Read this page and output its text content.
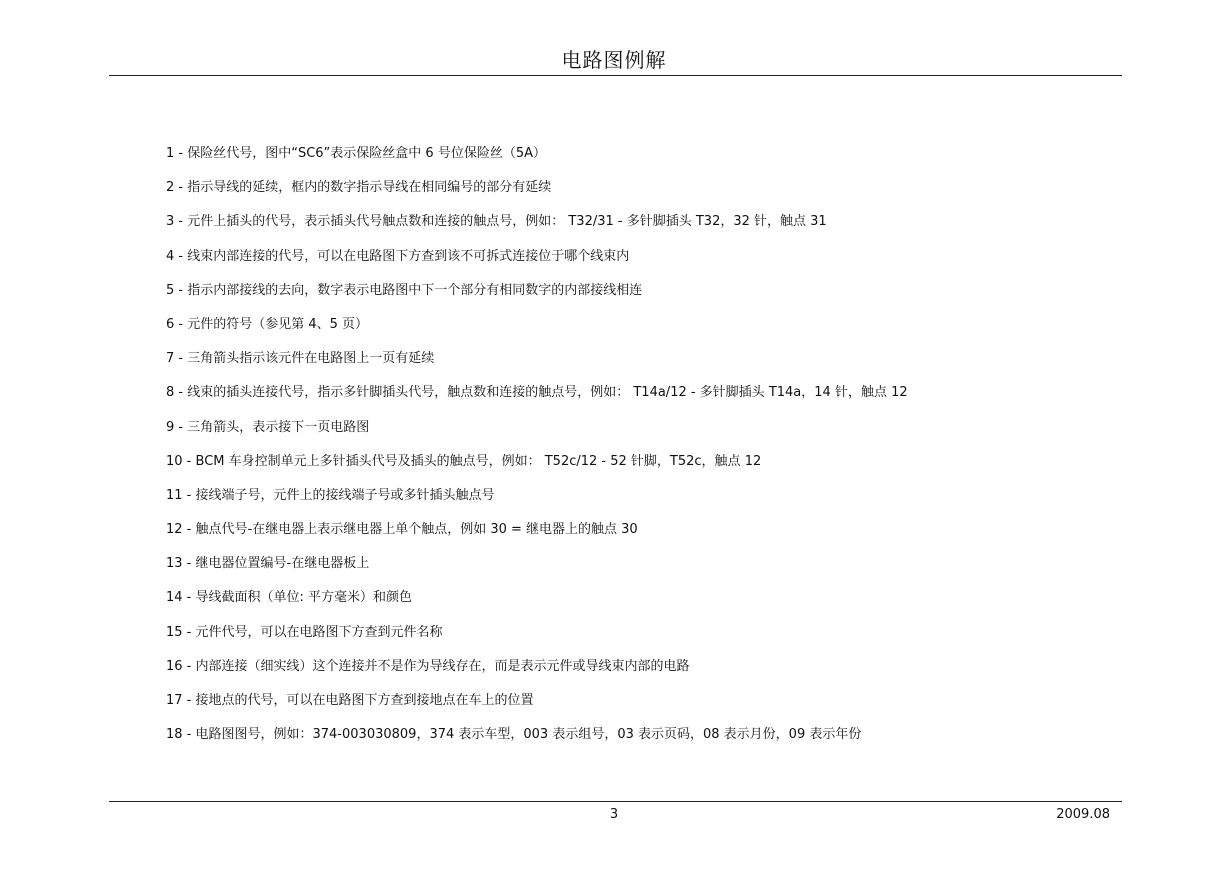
电路图例解
1 - 保险丝代号，图中“SC6”表示保险丝盒中 6 号位保险丝（5A）
2 - 指示导线的延续，框内的数字指示导线在相同编号的部分有延续
3 - 元件上插头的代号，表示插头代号触点数和连接的触点号，例如： T32/31 - 多针脚插头 T32，32 针，触点 31
4 - 线束内部连接的代号，可以在电路图下方查到该不可拆式连接位于哪个线束内
5 - 指示内部接线的去向，数字表示电路图中下一个部分有相同数字的内部接线相连
6 - 元件的符号（参见第 4、5 页）
7 - 三角箭头指示该元件在电路图上一页有延续
8 - 线束的插头连接代号，指示多针脚插头代号，触点数和连接的触点号，例如： T14a/12 - 多针脚插头 T14a，14 针，触点 12
9 - 三角箭头，表示接下一页电路图
10 - BCM 车身控制单元上多针插头代号及插头的触点号，例如： T52c/12 - 52 针脚，T52c，触点 12
11 - 接线端子号，元件上的接线端子号或多针插头触点号
12 - 触点代号-在继电器上表示继电器上单个触点，例如 30 = 继电器上的触点 30
13 - 继电器位置编号-在继电器板上
14 - 导线截面积（单位: 平方毫米）和颜色
15 - 元件代号，可以在电路图下方查到元件名称
16 - 内部连接（细实线）这个连接并不是作为导线存在，而是表示元件或导线束内部的电路
17 - 接地点的代号，可以在电路图下方查到接地点在车上的位置
18 - 电路图图号，例如：374-003030809，374 表示车型，003 表示组号，03 表示页码，08 表示月份，09 表示年份
3	2009.08
